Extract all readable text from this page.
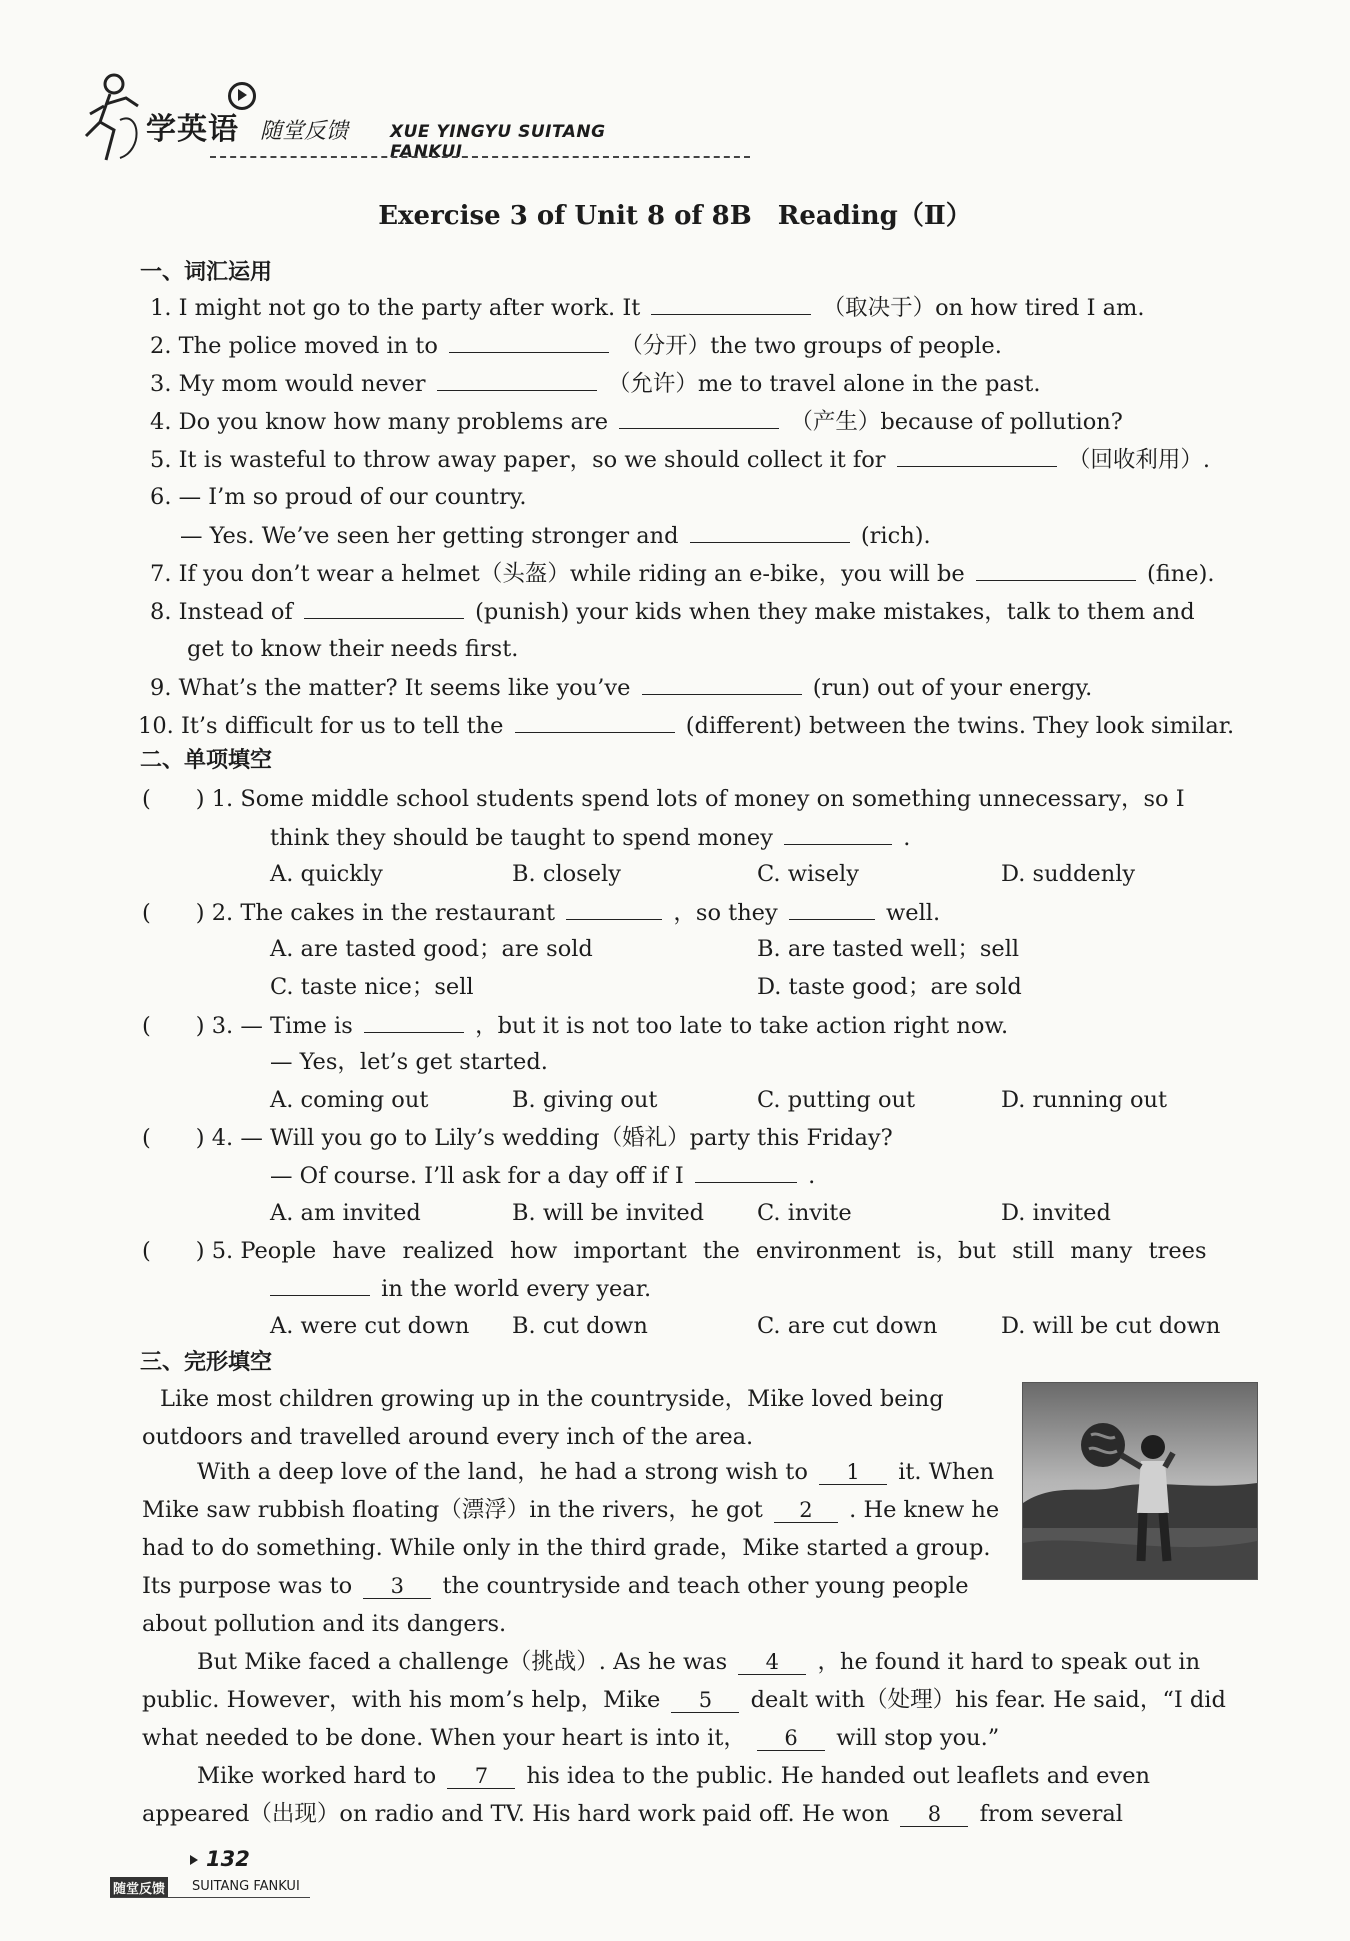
学英语 随堂反馈 XUE YINGYU SUITANG FANKUI
Exercise 3 of Unit 8 of 8B　Reading（Ⅱ）
一、词汇运用
1. I might not go to the party after work. It	（取决于）on how tired I am.
2. The police moved in to	（分开）the two groups of people.
3. My mom would never	（允许）me to travel alone in the past.
4. Do you know how many problems are	（产生）because of pollution?
5. It is wasteful to throw away paper，so we should collect it for	（回收利用）.
6. — I’m so proud of our country.
— Yes. We’ve seen her getting stronger and	(rich).
7. If you don’t wear a helmet（头盔）while riding an e-bike，you will be	(fine).
8. Instead of	(punish) your kids when they make mistakes，talk to them and
get to know their needs first.
9. What’s the matter? It seems like you’ve	(run) out of your energy.
10. It’s difficult for us to tell the	(different) between the twins. They look similar.
二、单项填空
(　　) 1. Some middle school students spend lots of money on something unnecessary，so I
think they should be taught to spend money	.
A. quickly	B. closely	C. wisely	D. suddenly
(　　) 2. The cakes in the restaurant	，so they	well.
A. are tasted good；are sold	B. are tasted well；sell
C. taste nice；sell	D. taste good；are sold
(　　) 3. — Time is	，but it is not too late to take action right now.
— Yes，let’s get started.
A. coming out	B. giving out	C. putting out	D. running out
(　　) 4. — Will you go to Lily’s wedding（婚礼）party this Friday?
— Of course. I’ll ask for a day off if I	.
A. am invited	B. will be invited C. invite	D. invited
(　　) 5. People have realized how important the environment is，but still many trees
in the world every year.
A. were cut down B. cut down	C. are cut down	D. will be cut down
三、完形填空
Like most children growing up in the countryside，Mike loved being
outdoors and travelled around every inch of the area.
With a deep love of the land，he had a strong wish to 1 it. When
Mike saw rubbish floating（漂浮）in the rivers，he got 2 . He knew he
had to do something. While only in the third grade，Mike started a group.
Its purpose was to 3 the countryside and teach other young people
about pollution and its dangers.
But Mike faced a challenge（挑战）. As he was 4 ，he found it hard to speak out in
public. However，with his mom’s help，Mike 5 dealt with（处理）his fear. He said，“I did
what needed to be done. When your heart is into it， 6 will stop you.”
Mike worked hard to 7 his idea to the public. He handed out leaflets and even
appeared（出现）on radio and TV. His hard work paid off. He won 8 from several
132
随堂反馈 SUITANG FANKUI
